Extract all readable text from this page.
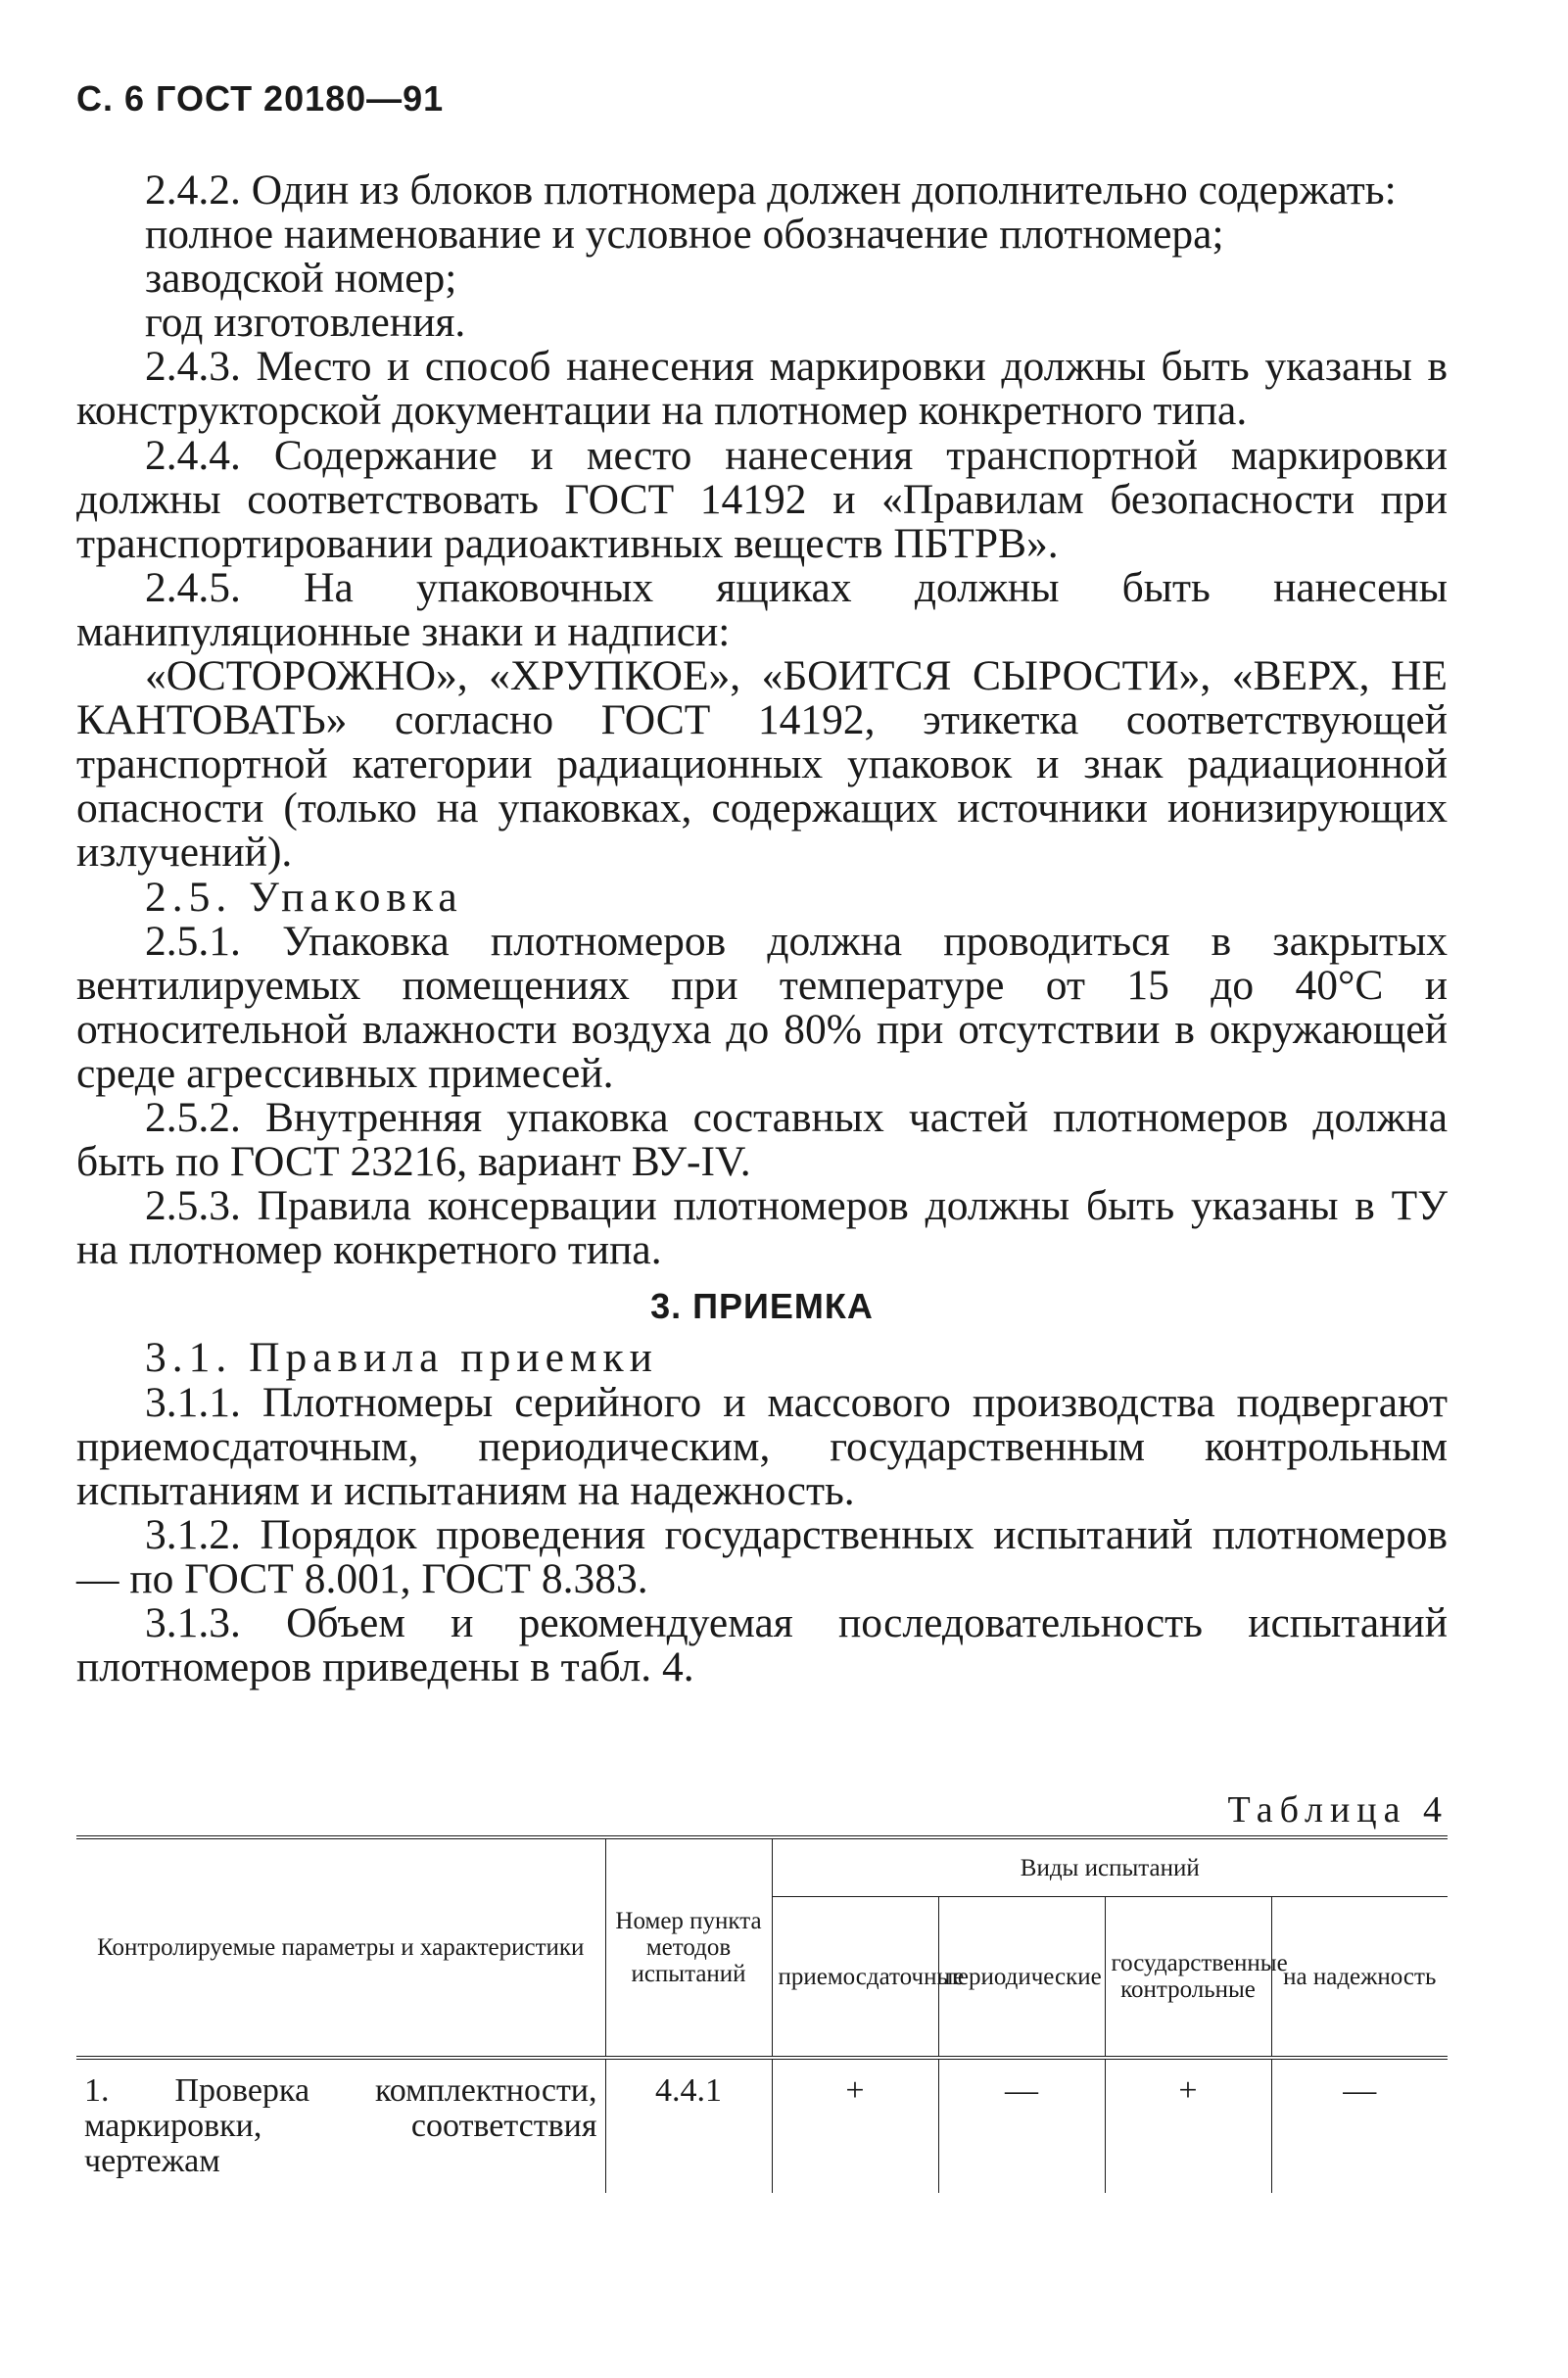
С. 6 ГОСТ 20180—91

2.4.2. Один из блоков плотномера должен дополнительно содержать:

полное наименование и условное обозначение плотномера;

заводской номер;

год изготовления.

2.4.3. Место и способ нанесения маркировки должны быть указаны в конструкторской документации на плотномер конкретного типа.

2.4.4. Содержание и место нанесения транспортной маркировки должны соответствовать ГОСТ 14192 и «Правилам безопасности при транспортировании радиоактивных веществ ПБТРВ».

2.4.5. На упаковочных ящиках должны быть нанесены манипуляционные знаки и надписи:

«ОСТОРОЖНО», «ХРУПКОЕ», «БОИТСЯ СЫРОСТИ», «ВЕРХ, НЕ КАНТОВАТЬ» согласно ГОСТ 14192, этикетка соответствующей транспортной категории радиационных упаковок и знак радиационной опасности (только на упаковках, содержащих источники ионизирующих излучений).

2.5. Упаковка

2.5.1. Упаковка плотномеров должна проводиться в закрытых вентилируемых помещениях при температуре от 15 до 40°С и относительной влажности воздуха до 80% при отсутствии в окружающей среде агрессивных примесей.

2.5.2. Внутренняя упаковка составных частей плотномеров должна быть по ГОСТ 23216, вариант ВУ-IV.

2.5.3. Правила консервации плотномеров должны быть указаны в ТУ на плотномер конкретного типа.

3. ПРИЕМКА

3.1. Правила приемки

3.1.1. Плотномеры серийного и массового производства подвергают приемосдаточным, периодическим, государственным контрольным испытаниям и испытаниям на надежность.

3.1.2. Порядок проведения государственных испытаний плотномеров — по ГОСТ 8.001, ГОСТ 8.383.

3.1.3. Объем и рекомендуемая последовательность испытаний плотномеров приведены в табл. 4.

Таблица 4
Контролируемые параметры и характеристики	Номер пункта методов испытаний	Виды испытаний			
		приемосдаточные	периодические	государственные контрольные	на надежность
1. Проверка комплектности, маркировки, соответствия чертежам	4.4.1	+	—	+	—
